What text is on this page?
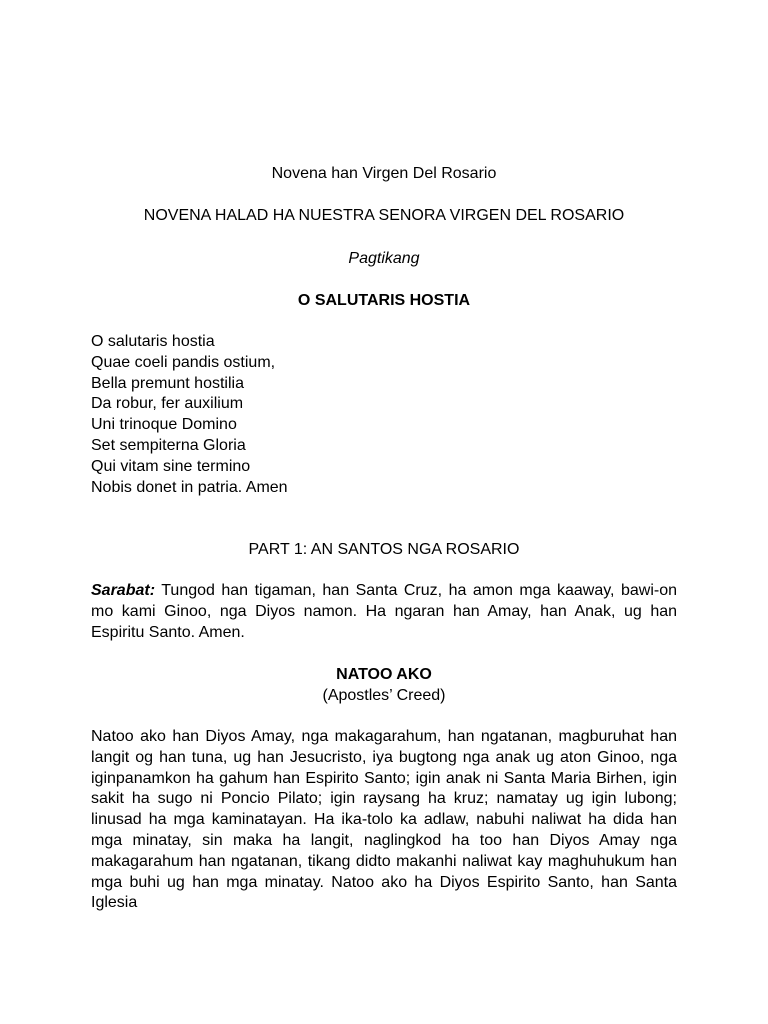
Novena han Virgen Del Rosario
NOVENA HALAD HA NUESTRA SENORA VIRGEN DEL ROSARIO
Pagtikang
O SALUTARIS HOSTIA
O salutaris hostia
Quae coeli pandis ostium,
Bella premunt hostilia
Da robur, fer auxilium
Uni trinoque Domino
Set sempiterna Gloria
Qui vitam sine termino
Nobis donet in patria. Amen
PART 1: AN SANTOS NGA ROSARIO
Sarabat: Tungod han tigaman, han Santa Cruz, ha amon mga kaaway, bawi-on mo kami Ginoo, nga Diyos namon. Ha ngaran han Amay, han Anak, ug han Espiritu Santo. Amen.
NATOO AKO
(Apostles’ Creed)
Natoo ako han Diyos Amay, nga makagarahum, han ngatanan, magburuhat han langit og han tuna, ug han Jesucristo, iya bugtong nga anak ug aton Ginoo, nga iginpanamkon ha gahum han Espirito Santo; igin anak ni Santa Maria Birhen, igin sakit ha sugo ni Poncio Pilato; igin raysang ha kruz; namatay ug igin lubong; linusad ha mga kaminatayan. Ha ika-tolo ka adlaw, nabuhi naliwat ha dida han mga minatay, sin maka ha langit, naglingkod ha too han Diyos Amay nga makagarahum han ngatanan, tikang didto makanhi naliwat kay maghuhukum han mga buhi ug han mga minatay. Natoo ako ha Diyos Espirito Santo, han Santa Iglesia
